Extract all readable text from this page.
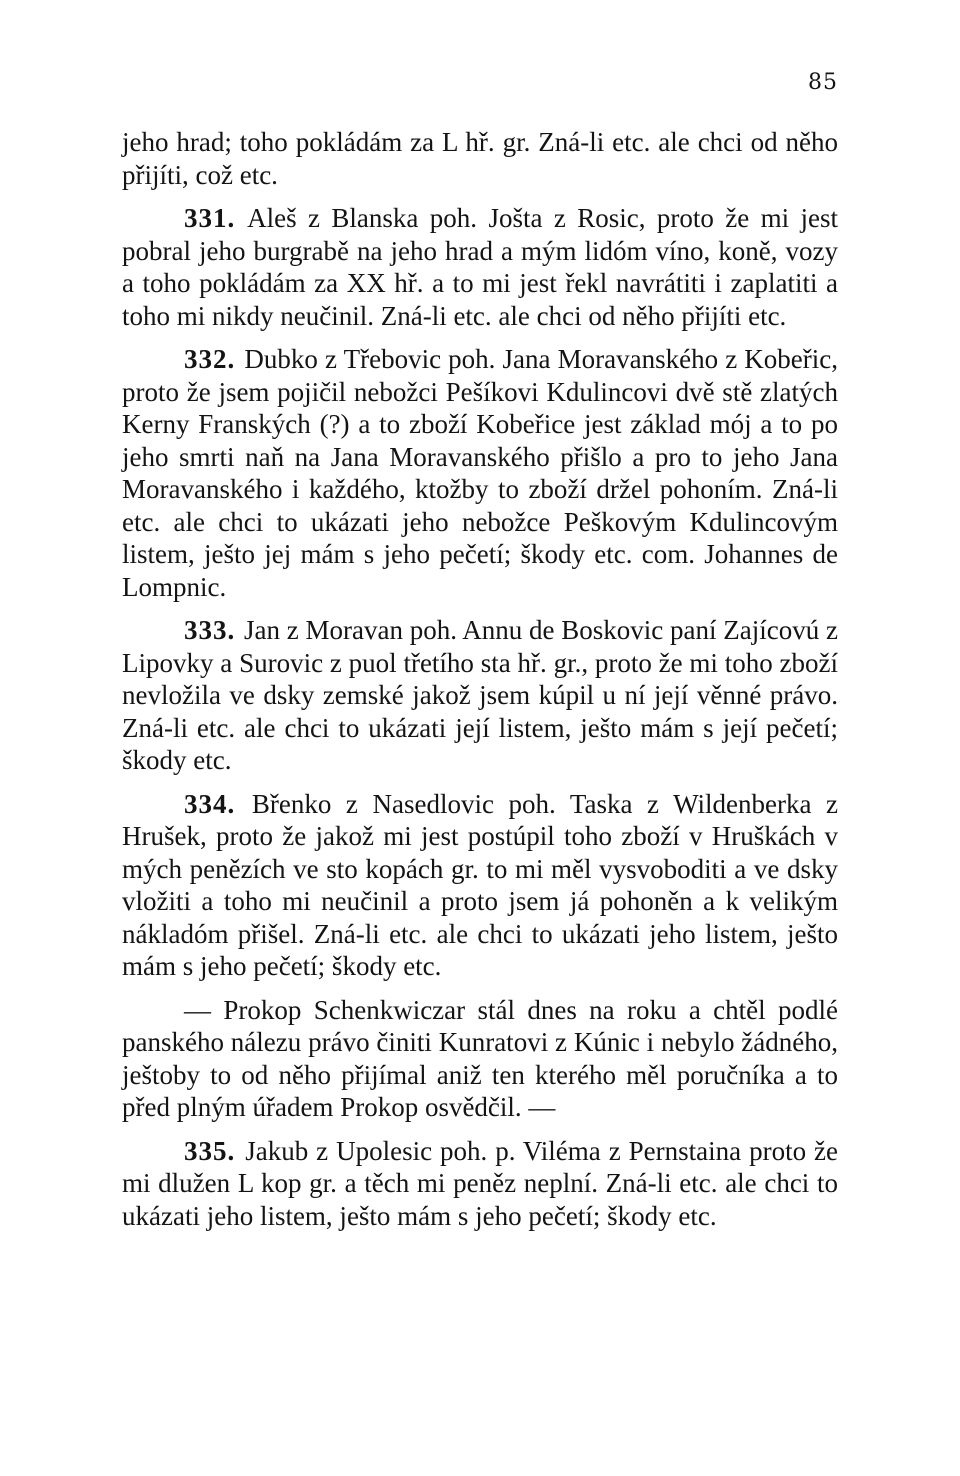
85

jeho hrad; toho pokládám za L hř. gr. Zná-li etc. ale chci od něho přijíti, což etc.

331. Aleš z Blanska poh. Jošta z Rosic, proto že mi jest pobral jeho burgrabě na jeho hrad a mým lidóm víno, koně, vozy a toho pokládám za XX hř. a to mi jest řekl navrátiti i zaplatiti a toho mi nikdy neučinil. Zná-li etc. ale chci od něho přijíti etc.

332. Dubko z Třebovic poh. Jana Moravanského z Kobeřic, proto že jsem pojičil nebožci Pešíkovi Kdulincovi dvě stě zlatých Kerny Franských (?) a to zboží Kobeřice jest základ mój a to po jeho smrti naň na Jana Moravanského přišlo a pro to jeho Jana Moravanského i každého, ktožby to zboží držel pohoním. Zná-li etc. ale chci to ukázati jeho nebožce Peškovým Kdulincovým listem, ješto jej mám s jeho pečetí; škody etc. com. Johannes de Lompnic.

333. Jan z Moravan poh. Annu de Boskovic paní Zajícovú z Lipovky a Surovic z puol třetího sta hř. gr., proto že mi toho zboží nevložila ve dsky zemské jakož jsem kúpil u ní její věnné právo. Zná-li etc. ale chci to ukázati její listem, ješto mám s její pečetí; škody etc.

334. Břenko z Nasedlovic poh. Taska z Wildenberka z Hrušek, proto že jakož mi jest postúpil toho zboží v Hruškách v mých penězích ve sto kopách gr. to mi měl vysvoboditi a ve dsky vložiti a toho mi neučinil a proto jsem já pohoněn a k velikým nákladóm přišel. Zná-li etc. ale chci to ukázati jeho listem, ješto mám s jeho pečetí; škody etc.

— Prokop Schenkwiczar stál dnes na roku a chtěl podlé panského nálezu právo činiti Kunratovi z Kúnic i nebylo žádného, ještoby to od něho přijímal aniž ten kterého měl poručníka a to před plným úřadem Prokop osvědčil. —

335. Jakub z Upolesic poh. p. Viléma z Pernstaina proto že mi dlužen L kop gr. a těch mi peněz neplní. Zná-li etc. ale chci to ukázati jeho listem, ješto mám s jeho pečetí; škody etc.
